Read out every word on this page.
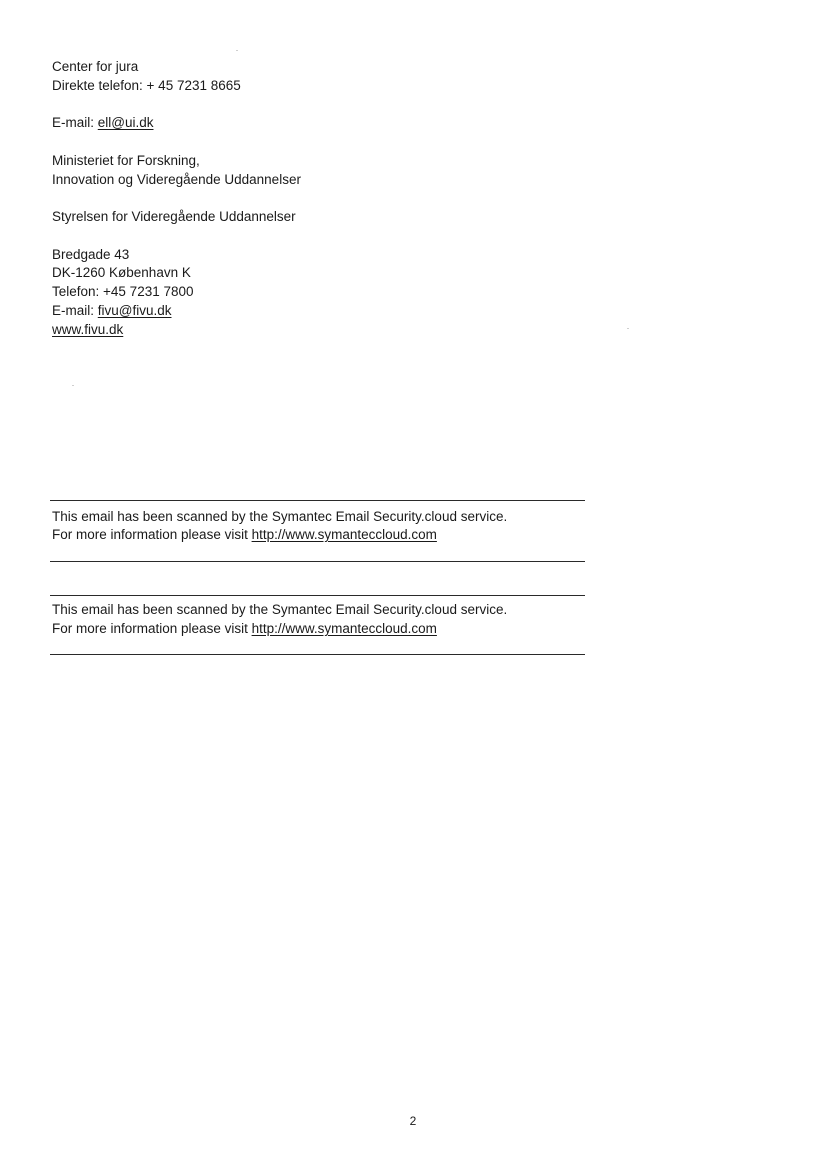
Center for jura
Direkte telefon: + 45 7231 8665
E-mail: ell@ui.dk
Ministeriet for Forskning,
Innovation og Videregående Uddannelser
Styrelsen for Videregående Uddannelser
Bredgade 43
DK-1260 København K
Telefon: +45 7231 7800
E-mail: fivu@fivu.dk
www.fivu.dk
This email has been scanned by the Symantec Email Security.cloud service.
For more information please visit http://www.symanteccloud.com
This email has been scanned by the Symantec Email Security.cloud service.
For more information please visit http://www.symanteccloud.com
2
